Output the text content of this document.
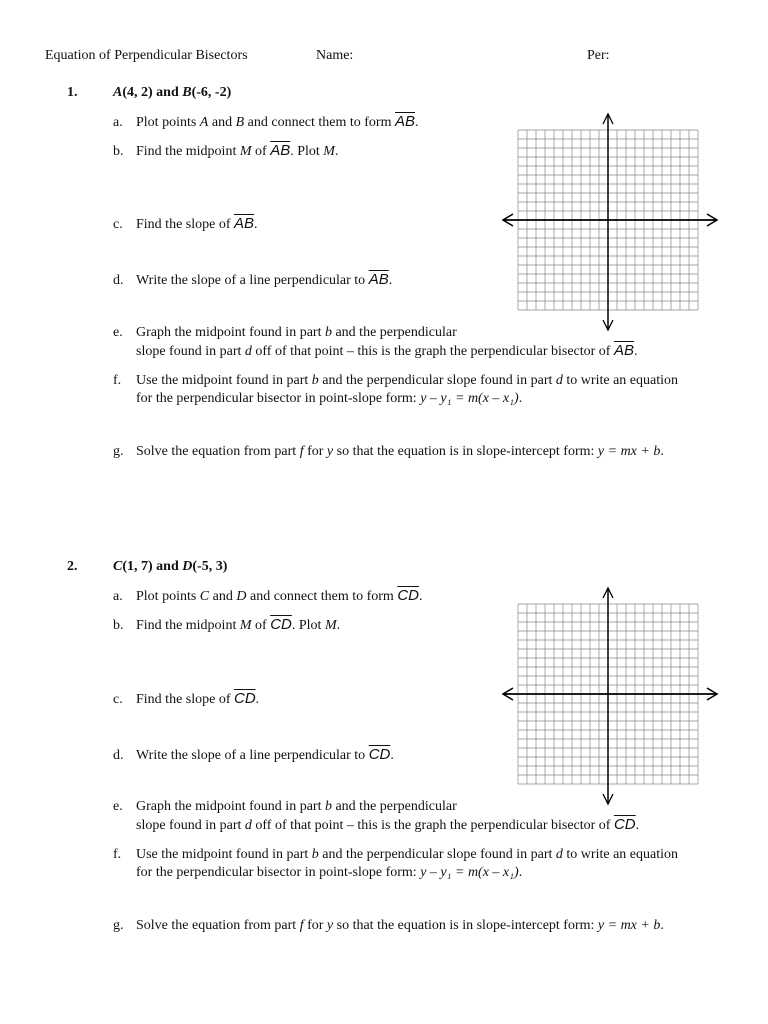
Equation of Perpendicular Bisectors	Name:	Per:
1.	A(4, 2) and B(-6, -2)
a. Plot points A and B and connect them to form $\overline{AB}$.
b. Find the midpoint M of $\overline{AB}$. Plot M.
c. Find the slope of $\overline{AB}$.
d. Write the slope of a line perpendicular to $\overline{AB}$.
e. Graph the midpoint found in part b and the perpendicular
slope found in part d off of that point – this is the graph the perpendicular bisector of $\overline{AB}$.
f. Use the midpoint found in part b and the perpendicular slope found in part d to write an equation
for the perpendicular bisector in point-slope form: y – y₁ = m(x – x₁).
g. Solve the equation from part f for y so that the equation is in slope-intercept form: y = mx + b.
2.	C(1, 7) and D(-5, 3)
a. Plot points C and D and connect them to form $\overline{CD}$.
b. Find the midpoint M of $\overline{CD}$. Plot M.
c. Find the slope of $\overline{CD}$.
d. Write the slope of a line perpendicular to $\overline{CD}$.
e. Graph the midpoint found in part b and the perpendicular
slope found in part d off of that point – this is the graph the perpendicular bisector of $\overline{CD}$.
f. Use the midpoint found in part b and the perpendicular slope found in part d to write an equation
for the perpendicular bisector in point-slope form: y – y₁ = m(x – x₁).
g. Solve the equation from part f for y so that the equation is in slope-intercept form: y = mx + b.
